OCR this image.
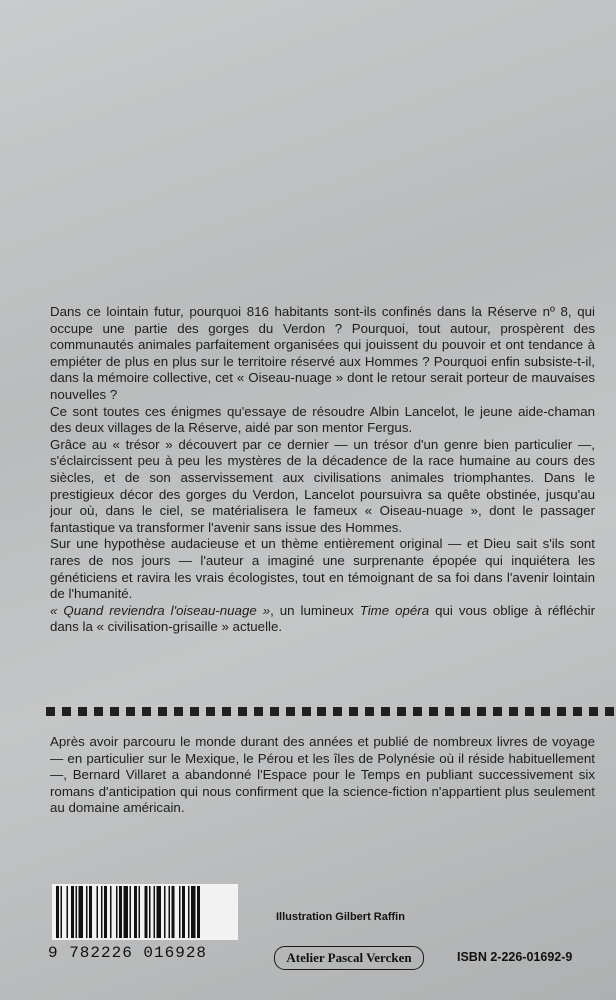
Dans ce lointain futur, pourquoi 816 habitants sont-ils confinés dans la Réserve nº 8, qui occupe une partie des gorges du Verdon ? Pourquoi, tout autour, prospèrent des communautés animales parfaitement organisées qui jouissent du pouvoir et ont tendance à empiéter de plus en plus sur le territoire réservé aux Hommes ? Pourquoi enfin subsiste-t-il, dans la mémoire collective, cet « Oiseau-nuage » dont le retour serait porteur de mauvaises nouvelles ?

Ce sont toutes ces énigmes qu'essaye de résoudre Albin Lancelot, le jeune aide-chaman des deux villages de la Réserve, aidé par son mentor Fergus.

Grâce au « trésor » découvert par ce dernier — un trésor d'un genre bien particulier —, s'éclaircissent peu à peu les mystères de la décadence de la race humaine au cours des siècles, et de son asservissement aux civilisations animales triomphantes. Dans le prestigieux décor des gorges du Verdon, Lancelot poursuivra sa quête obstinée, jusqu'au jour où, dans le ciel, se matérialisera le fameux « Oiseau-nuage », dont le passager fantastique va transformer l'avenir sans issue des Hommes.

Sur une hypothèse audacieuse et un thème entièrement original — et Dieu sait s'ils sont rares de nos jours — l'auteur a imaginé une surprenante épopée qui inquiétera les généticiens et ravira les vrais écologistes, tout en témoignant de sa foi dans l'avenir lointain de l'humanité.

« Quand reviendra l'oiseau-nuage », un lumineux Time opéra qui vous oblige à réfléchir dans la « civilisation-grisaille » actuelle.

Après avoir parcouru le monde durant des années et publié de nombreux livres de voyage — en particulier sur le Mexique, le Pérou et les îles de Polynésie où il réside habituellement —, Bernard Villaret a abandonné l'Espace pour le Temps en publiant successivement six romans d'anticipation qui nous confirment que la science-fiction n'appartient plus seulement au domaine américain.
9 782226 016928
Illustration Gilbert Raffin
Atelier Pascal Vercken	ISBN 2-226-01692-9
